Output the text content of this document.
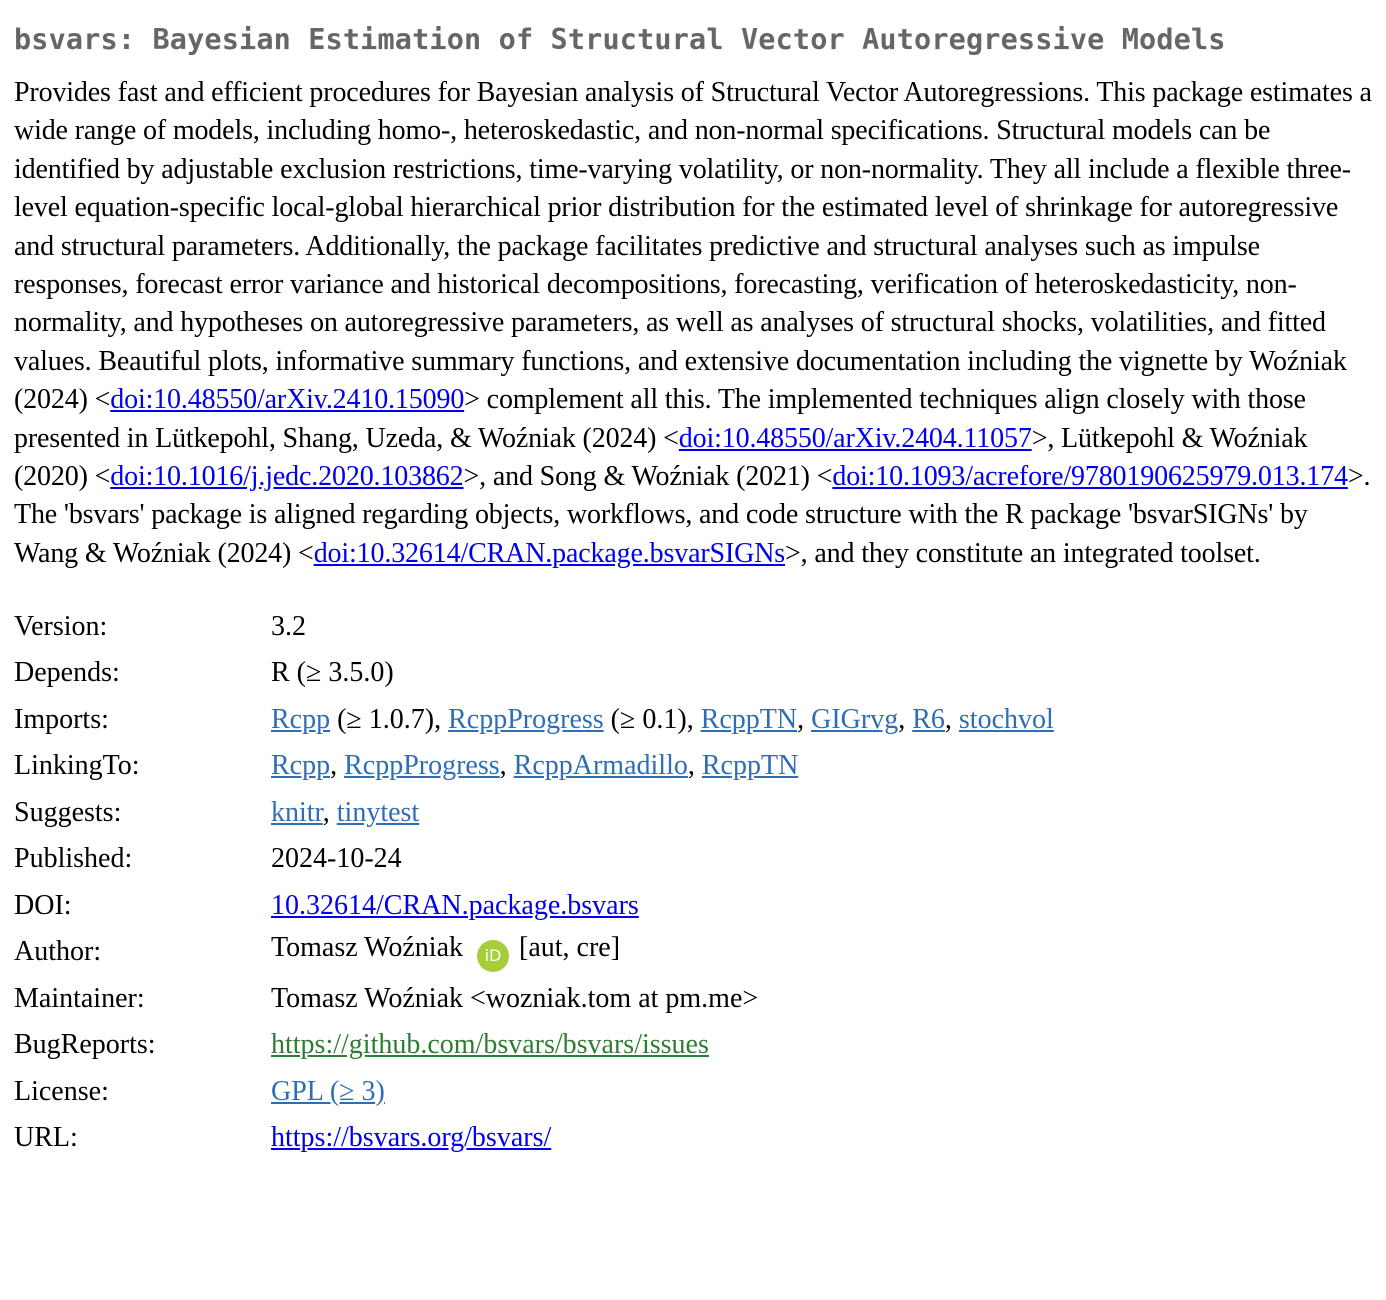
bsvars: Bayesian Estimation of Structural Vector Autoregressive Models

Provides fast and efficient procedures for Bayesian analysis of Structural Vector Autoregressions. This package estimates a wide range of models, including homo-, heteroskedastic, and non-normal specifications. Structural models can be identified by adjustable exclusion restrictions, time-varying volatility, or non-normality. They all include a flexible three-level equation-specific local-global hierarchical prior distribution for the estimated level of shrinkage for autoregressive and structural parameters. Additionally, the package facilitates predictive and structural analyses such as impulse responses, forecast error variance and historical decompositions, forecasting, verification of heteroskedasticity, non-normality, and hypotheses on autoregressive parameters, as well as analyses of structural shocks, volatilities, and fitted values. Beautiful plots, informative summary functions, and extensive documentation including the vignette by Woźniak (2024) <doi:10.48550/arXiv.2410.15090> complement all this. The implemented techniques align closely with those presented in Lütkepohl, Shang, Uzeda, & Woźniak (2024) <doi:10.48550/arXiv.2404.11057>, Lütkepohl & Woźniak (2020) <doi:10.1016/j.jedc.2020.103862>, and Song & Woźniak (2021) <doi:10.1093/acrefore/9780190625979.013.174>. The 'bsvars' package is aligned regarding objects, workflows, and code structure with the R package 'bsvarSIGNs' by Wang & Woźniak (2024) <doi:10.32614/CRAN.package.bsvarSIGNs>, and they constitute an integrated toolset.

Version:	3.2
Depends:	R (≥ 3.5.0)
Imports:	Rcpp (≥ 1.0.7), RcppProgress (≥ 0.1), RcppTN, GIGrvg, R6, stochvol
LinkingTo:	Rcpp, RcppProgress, RcppArmadillo, RcppTN
Suggests:	knitr, tinytest
Published:	2024-10-24
DOI:	10.32614/CRAN.package.bsvars
Author:	Tomasz Woźniak iD [aut, cre]
Maintainer:	Tomasz Woźniak <wozniak.tom at pm.me>
BugReports:	https://github.com/bsvars/bsvars/issues
License:	GPL (≥ 3)
URL:	https://bsvars.org/bsvars/
